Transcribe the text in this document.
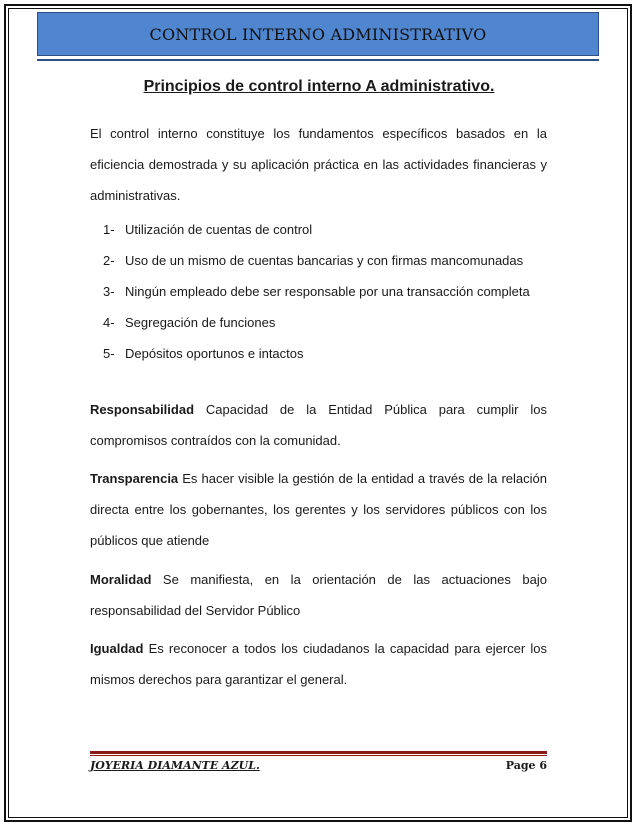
CONTROL INTERNO ADMINISTRATIVO
Principios de control interno A administrativo.

El control interno constituye los fundamentos específicos basados en la eficiencia demostrada y su aplicación práctica en las actividades financieras y administrativas.

1- Utilización de cuentas de control
2- Uso de un mismo de cuentas bancarias y con firmas mancomunadas
3- Ningún empleado debe ser responsable por una transacción completa
4- Segregación de funciones
5- Depósitos oportunos e intactos

Responsabilidad Capacidad de la Entidad Pública para cumplir los compromisos contraídos con la comunidad.

Transparencia Es hacer visible la gestión de la entidad a través de la relación directa entre los gobernantes, los gerentes y los servidores públicos con los públicos que atiende

Moralidad Se manifiesta, en la orientación de las actuaciones bajo responsabilidad del Servidor Público

Igualdad Es reconocer a todos los ciudadanos la capacidad para ejercer los mismos derechos para garantizar el general.

JOYERIA DIAMANTE AZUL.	Page 6
